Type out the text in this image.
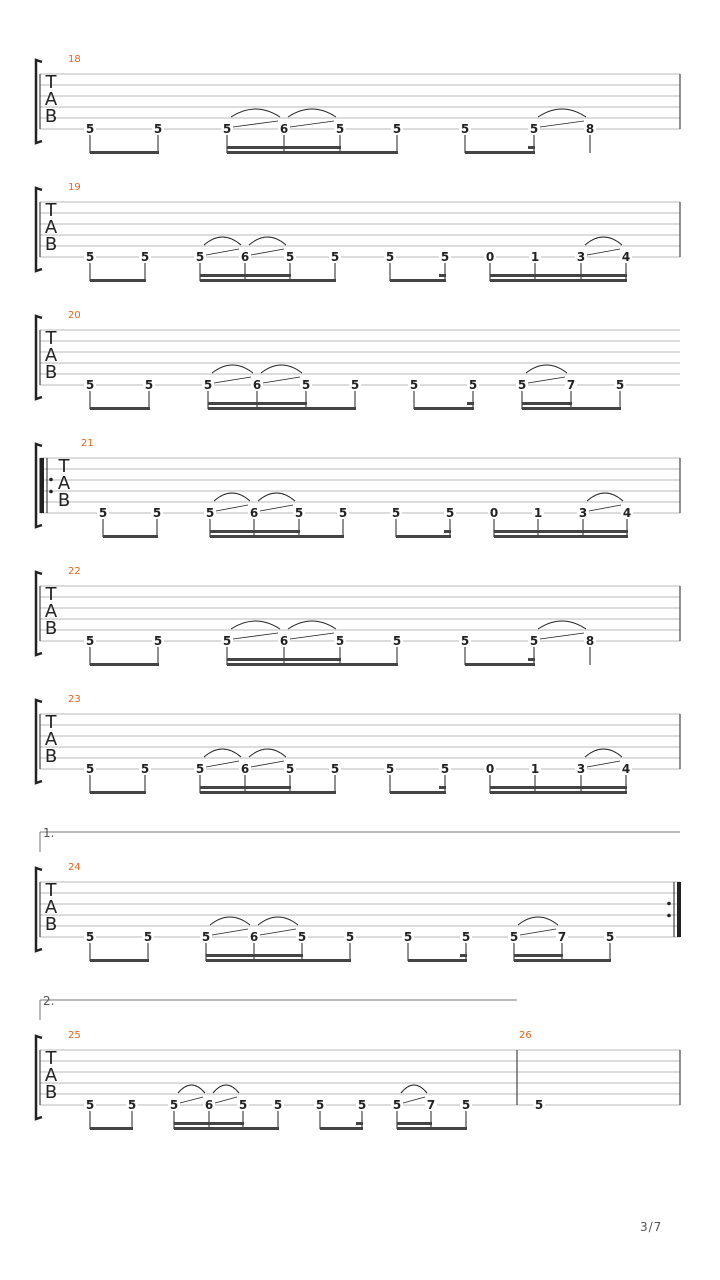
T
A
B
18
5	5	5	6	5	5	5	5	8
T
A
B
19
5	5	5	6	5	5	5	5	0	1	3	4
T
A
B
20
5	5	5	6	5	5	5	5	5	7	5
T
A
B
21
5	5	5	6	5	5	5	5	0	1	3	4
T
A
B
22
5	5	5	6	5	5	5	5	8
T
A
B
23
5	5	5	6	5	5	5	5	0	1	3	4
T
A
B
24
1.
5	5	5	6	5	5	5	5	5	7	5
T
A
B
25	26
2.
5	5	5 6 5 5	5	5 5 7 5	5
3/7
